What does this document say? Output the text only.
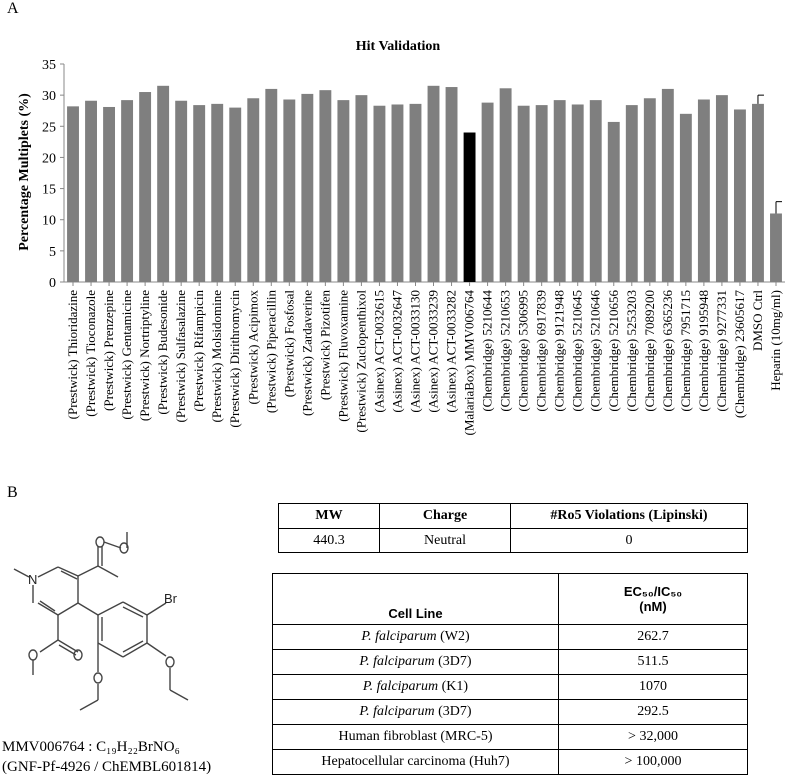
A
Hit Validation
Percentage Multiplets (%)
0
5
10
15
20
25
30
35
(Prestwick) Thioridazine (Prestwick) Tioconazole (Prestwick) Prenzepine (Prestwick) Gentamicine (Prestwick) Nortriptyline (Prestwick) Budesonide (Prestwick) Sulfasalazine (Prestwick) Rifampicin (Prestwick) Molsidomine (Prestwick) Dirithromycin (Prestwick) Acipimox (Prestwick) Piperacillin (Prestwick) Fosfosal (Prestwick) Zardaverine (Prestwick) Pizotifen (Prestwick) Fluvoxamine (Prestwick) Zuclopenthixol (Asinex) ACT-0032615 (Asinex) ACT-0032647 (Asinex) ACT-0033130 (Asinex) ACT-0033239 (Asinex) ACT-0033282 (MalariaBox) MMV006764 (Chembridge) 5210644 (Chembridge) 5210653 (Chembridge) 5306995 (Chembridge) 6917839 (Chembridge) 9121948 (Chembridge) 5210645 (Chembridge) 5210646 (Chembridge) 5210656 (Chembridge) 5253203 (Chembridge) 7089200 (Chembridge) 6365236 (Chembridge) 7951715 (Chembridge) 9195948 (Chembridge) 9277331 (Chembridge) 23605617 DMSO Ctrl Heparin (10mg/ml)
B
N
Br
MMV006764 : C₁₉H₂₂BrNO₆
(GNF-Pf-4926 / ChEMBL601814)
MW	Charge	#Ro5 Violations (Lipinski)
440.3	Neutral	0
Cell Line	EC₅₀/IC₅₀
(nM)

P. falciparum (W2)	262.7
P. falciparum (3D7)	511.5
P. falciparum (K1)	1070
P. falciparum (3D7)	292.5
Human fibroblast (MRC-5)	> 32,000
Hepatocellular carcinoma (Huh7)	> 100,000
